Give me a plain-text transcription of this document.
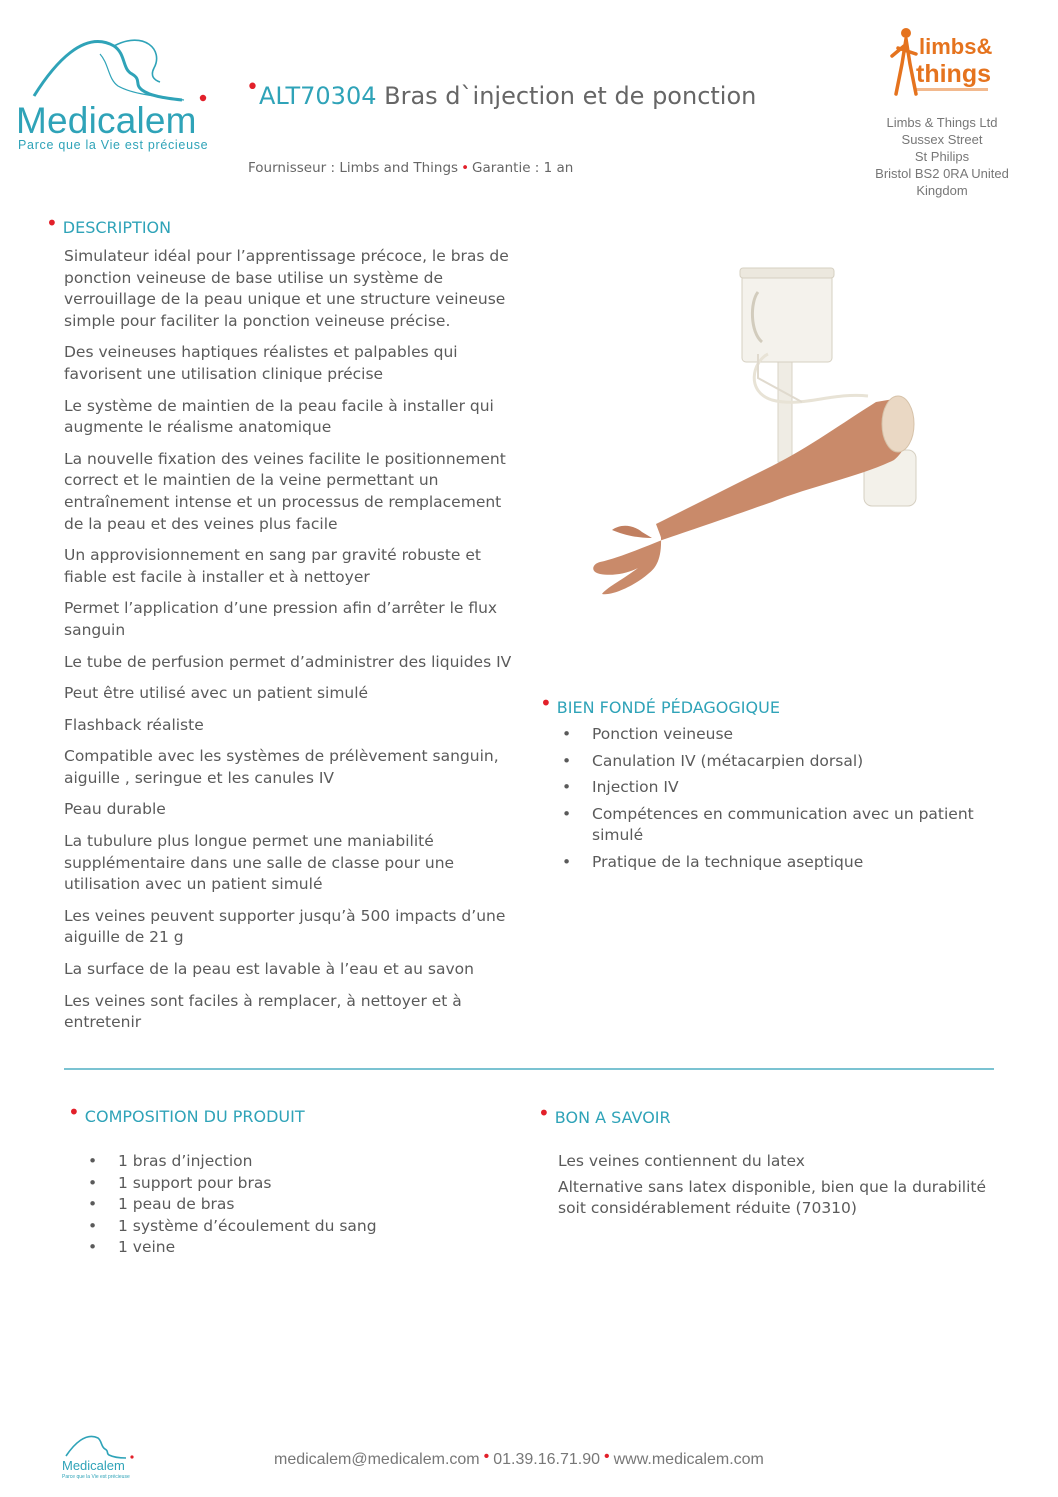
Medicalem
Parce que la Vie est précieuse
•ALT70304 Bras d`injection et de ponction
Fournisseur : Limbs and Things • Garantie : 1 an
limbs&
things
Limbs & Things Ltd
Sussex Street
St Philips
Bristol BS2 0RA United
Kingdom
• DESCRIPTION

Simulateur idéal pour l’apprentissage précoce, le bras de ponction veineuse de base utilise un système de verrouillage de la peau unique et une structure veineuse simple pour faciliter la ponction veineuse précise.

Des veineuses haptiques réalistes et palpables qui favorisent une utilisation clinique précise

Le système de maintien de la peau facile à installer qui augmente le réalisme anatomique

La nouvelle fixation des veines facilite le positionnement correct et le maintien de la veine permettant un entraînement intense et un processus de remplacement de la peau et des veines plus facile

Un approvisionnement en sang par gravité robuste et fiable est facile à installer et à nettoyer

Permet l’application d’une pression afin d’arrêter le flux sanguin

Le tube de perfusion permet d’administrer des liquides IV

Peut être utilisé avec un patient simulé

Flashback réaliste

Compatible avec les systèmes de prélèvement sanguin, aiguille , seringue et les canules IV

Peau durable

La tubulure plus longue permet une maniabilité supplémentaire dans une salle de classe pour une utilisation avec un patient simulé

Les veines peuvent supporter jusqu’à 500 impacts d’une aiguille de 21 g

La surface de la peau est lavable à l’eau et au savon

Les veines sont faciles à remplacer, à nettoyer et à entretenir

• BIEN FONDÉ PÉDAGOGIQUE
• Ponction veineuse
• Canulation IV (métacarpien dorsal)
• Injection IV
• Compétences en communication avec un patient simulé
• Pratique de la technique aseptique
• COMPOSITION DU PRODUIT
• 1 bras d’injection
• 1 support pour bras
• 1 peau de bras
• 1 système d’écoulement du sang
• 1 veine
• BON A SAVOIR

Les veines contiennent du latex

Alternative sans latex disponible, bien que la durabilité soit considérablement réduite (70310)

Medicalem
Parce que la Vie est précieuse
medicalem@medicalem.com • 01.39.16.71.90 • www.medicalem.com
